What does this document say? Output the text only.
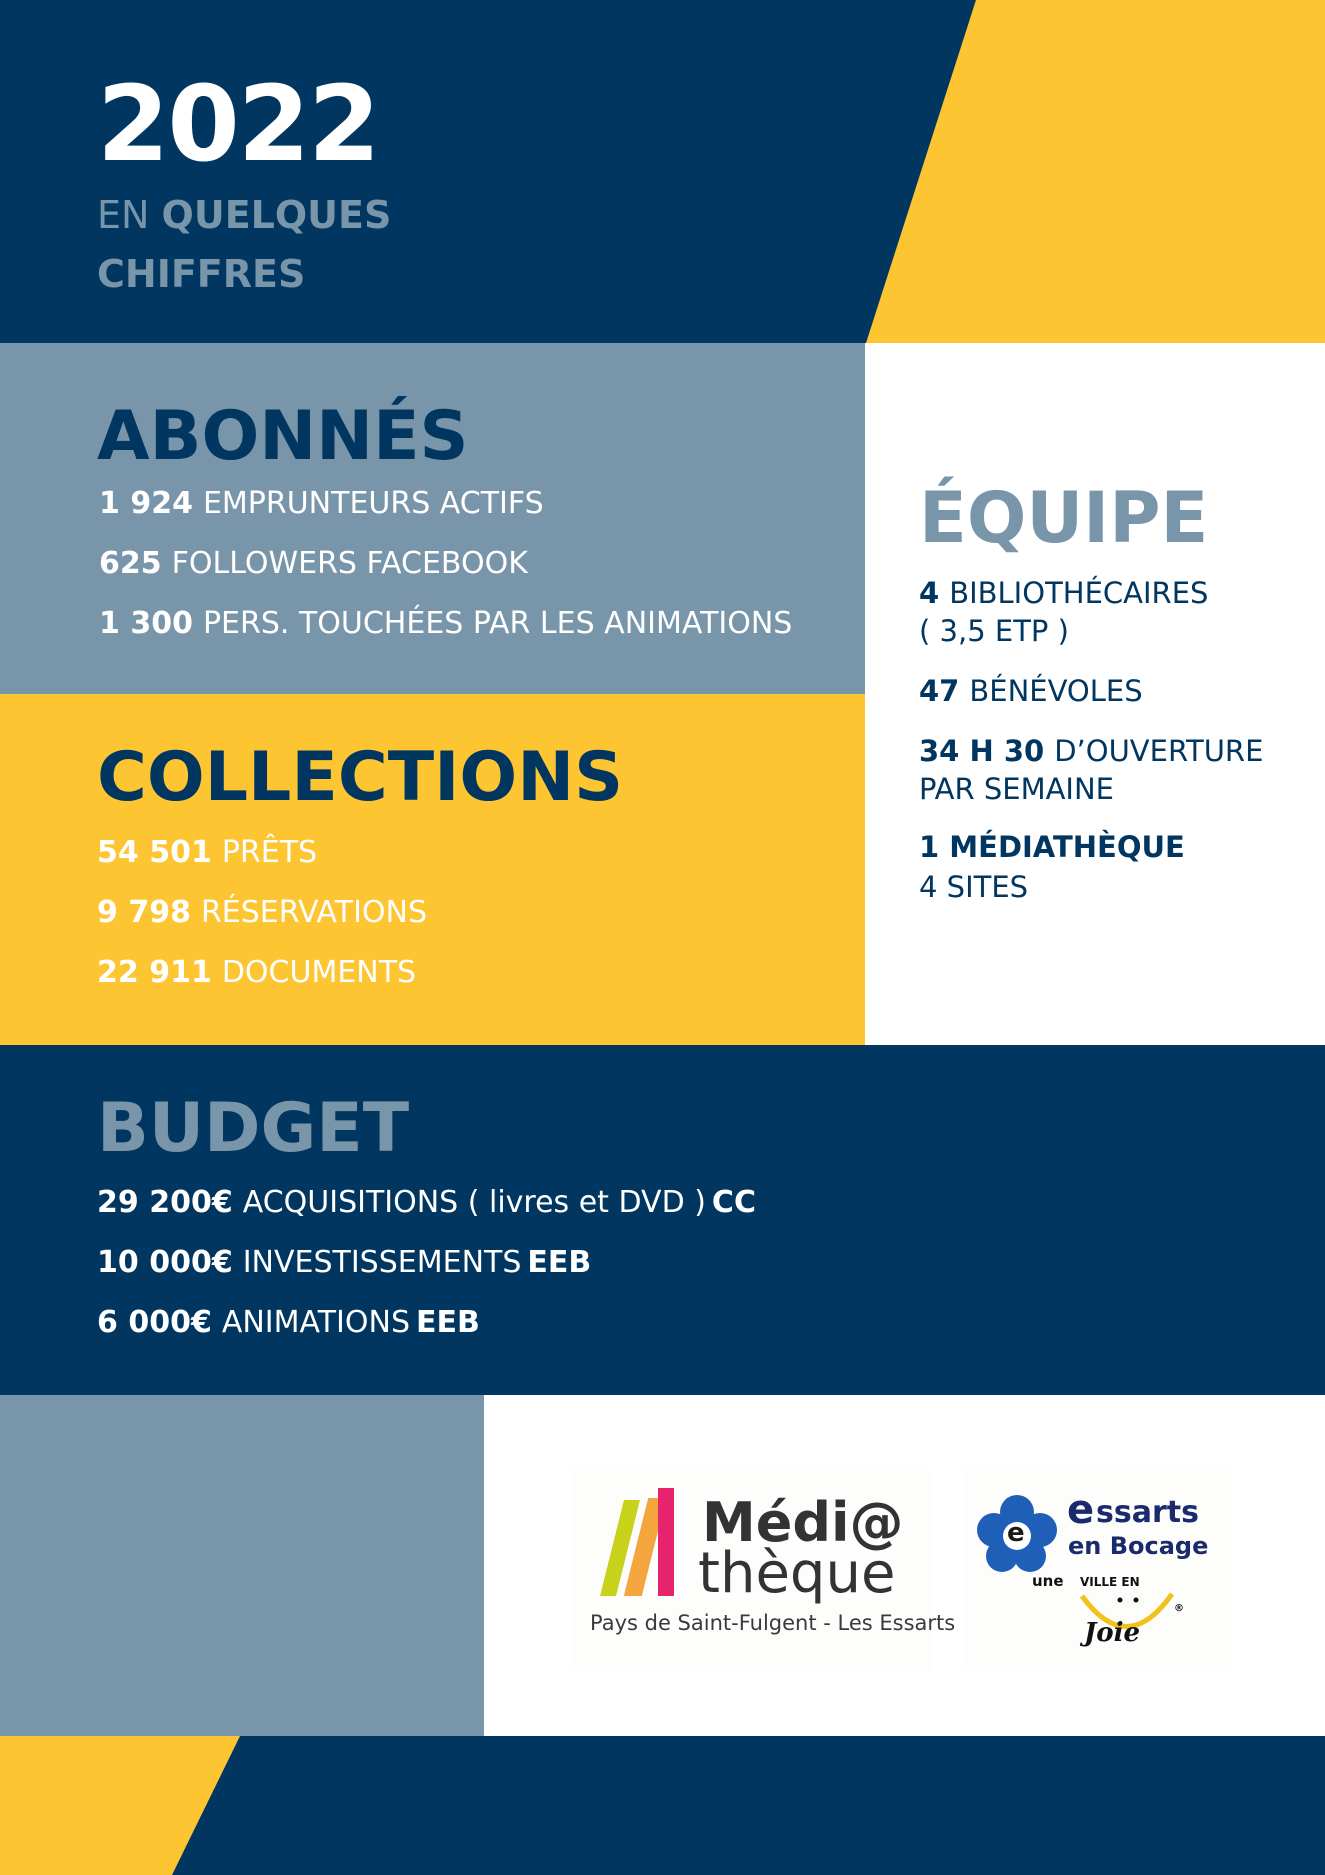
2022
EN QUELQUES
CHIFFRES
ABONNÉS
1 924 EMPRUNTEURS ACTIFS
625 FOLLOWERS FACEBOOK
1 300 PERS. TOUCHÉES PAR LES ANIMATIONS
ÉQUIPE
4 BIBLIOTHÉCAIRES
( 3,5 ETP )
47 BÉNÉVOLES
34 H 30 D’OUVERTURE
PAR SEMAINE
1 MÉDIATHÈQUE
4 SITES
COLLECTIONS
54 501 PRÊTS
9 798 RÉSERVATIONS
22 911 DOCUMENTS
BUDGET
29 200€ ACQUISITIONS ( livres et DVD ) CC
10 000€ INVESTISSEMENTS EEB
6 000€ ANIMATIONS EEB
Médi@
thèque
Pays de Saint-Fulgent - Les Essarts
e e ssarts
en Bocage
une VILLE EN
Joie
®
